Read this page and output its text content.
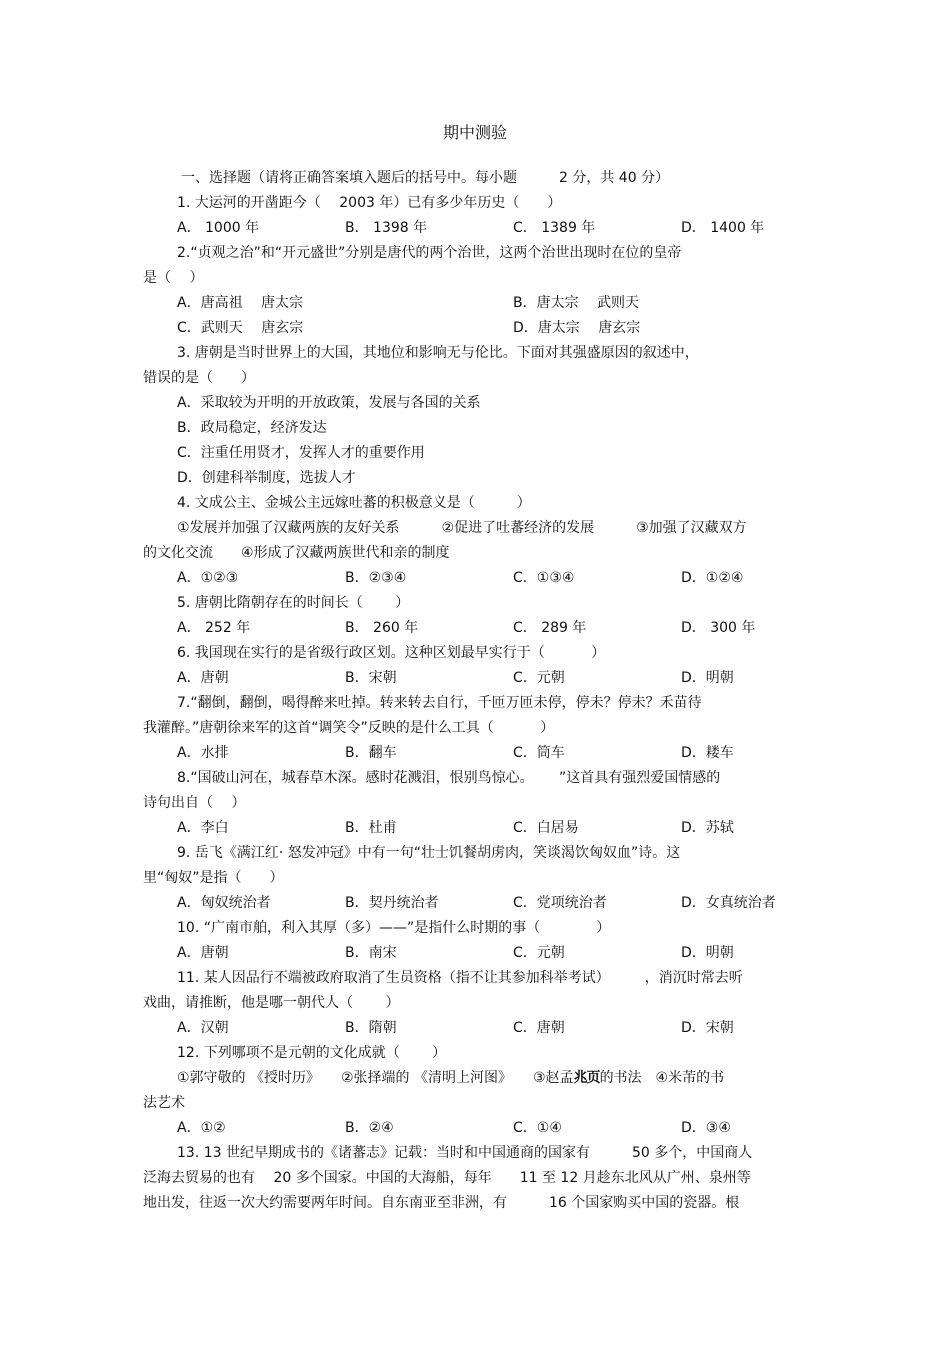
期中测验
一、选择题（请将正确答案填入题后的括号中。每小题　　　2 分，共 40 分）
1. 大运河的开凿距今（　 2003 年）已有多少年历史（　　）
A． 1000 年	B． 1398 年	C． 1389 年	D． 1400 年
2.“贞观之治”和“开元盛世”分别是唐代的两个治世，这两个治世出现时在位的皇帝
是（　 ）
A．唐高祖　 唐太宗	B．唐太宗　 武则天
C．武则天　 唐玄宗	D．唐太宗　 唐玄宗
3. 唐朝是当时世界上的大国，其地位和影响无与伦比。下面对其强盛原因的叙述中，
错误的是（　　）
A．采取较为开明的开放政策，发展与各国的关系
B．政局稳定，经济发达
C．注重任用贤才，发挥人才的重要作用
D．创建科举制度，选拔人才
4. 文成公主、金城公主远嫁吐蕃的积极意义是（　　　）
①发展并加强了汉藏两族的友好关系　　　②促进了吐蕃经济的发展　　　③加强了汉藏双方
的文化交流　　④形成了汉藏两族世代和亲的制度
A．①②③	B．②③④	C．①③④	D．①②④
5. 唐朝比隋朝存在的时间长（　　 ）
A． 252 年	B． 260 年	C． 289 年	D． 300 年
6. 我国现在实行的是省级行政区划。这种区划最早实行于（　　　 ）
A．唐朝	B．宋朝	C．元朝	D．明朝
7.“翻倒，翻倒，喝得醉来吐掉。转来转去自行，千匝万匝未停，停未？停未？禾苗待
我灌醉。”唐朝徐来军的这首“调笑令”反映的是什么工具（　　　 ）
A．水排	B．翻车	C．筒车	D．耧车
8.“国破山河在，城春草木深。感时花溅泪，恨别鸟惊心。　　 ”这首具有强烈爱国情感的
诗句出自（　 ）
A．李白	B．杜甫	C．白居易	D．苏轼
9. 岳飞《满江红· 怒发冲冠》中有一句“壮士饥餐胡虏肉，笑谈渴饮匈奴血”诗。这
里“匈奴”是指（　　）
A．匈奴统治者	B．契丹统治者	C．党项统治者	D．女真统治者
10. “广南市舶，利入其厚（多）——”是指什么时期的事（　　　　）
A．唐朝	B．南宋	C．元朝	D．明朝
11. 某人因品行不端被政府取消了生员资格（指不让其参加科举考试）　　　，消沉时常去听
戏曲，请推断，他是哪一朝代人（　　 ）
A．汉朝	B．隋朝	C．唐朝	D．宋朝
12. 下列哪项不是元朝的文化成就（　　 ）
①郭守敬的 《授时历》　　②张择端的 《清明上河图》　　③赵孟兆页的书法　④米芾的书
法艺术
A．①②	B．②④	C．①④	D．③④
13. 13 世纪早期成书的《诸蕃志》记载：当时和中国通商的国家有　　　50 多个，中国商人
泛海去贸易的也有　 20 多个国家。中国的大海船，每年　　11 至 12 月趁东北风从广州、泉州等
地出发，往返一次大约需要两年时间。自东南亚至非洲，有　　　16 个国家购买中国的瓷器。根
